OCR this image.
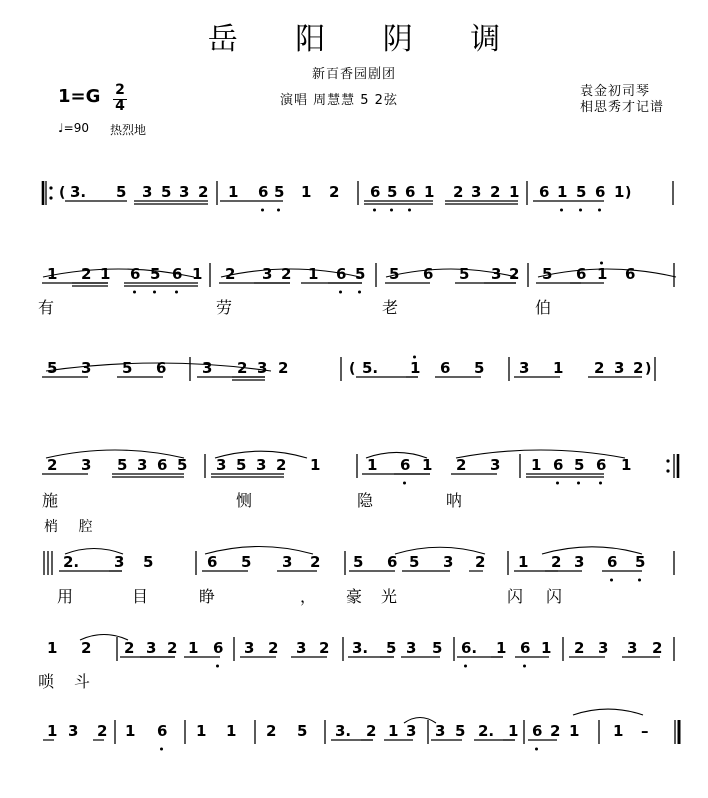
岳 阳 阴 调
新百香园剧团
演唱 周慧慧 5 2弦
1=G 2
4
♩=90 热烈地
袁金初司琴
相思秀才记谱
梢 腔
( 3. 5 3 5 3 2 1 6 5 1 2 6 5 6 1 2 3 2 1 6 1 5 6 1 )
1 2 1 6 5 6 1 2 3 2 1 6 5 5 6 5 3 2 5 6 1 6
有	劳	老	伯
5 3 5 6 3 2 3 2	( 5. 1 6 5 3 1 2 3 2 )
2 3 5 3 6 5 3 5 3 2 1	1 6 1 2 3 1 6 5 6 1
施	恻	隐	呐
2. 3 5	6 5 3 2 5 6 5 3 2 1 2 3 6 5
用	目	睁	， 豪 光	闪 闪
1 2 2 3 2 1 6 3 2 3 2 3. 5 3 5 6. 1 6 1 2 3 3 2
唢 斗
1 3 2 1 6 1 1 2 5 3. 2 1 3 3 5 2. 1 6 2 1 1 –
